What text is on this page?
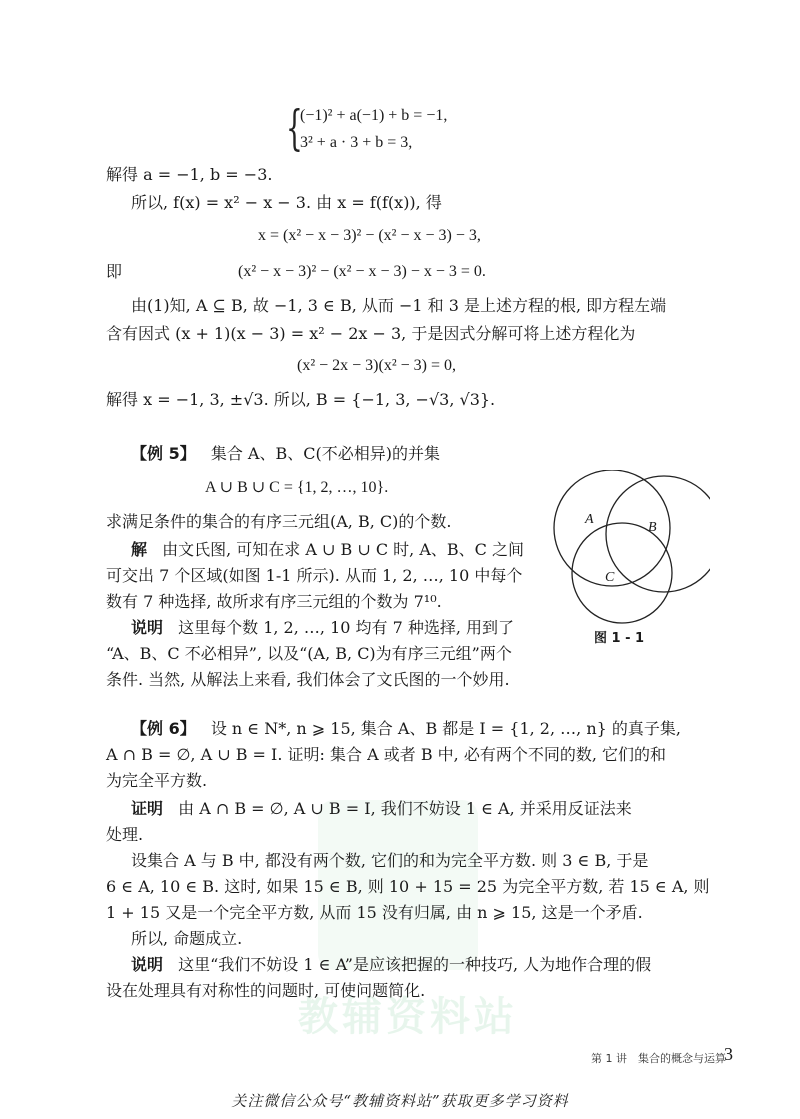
教辅资料站
{
(−1)² + a(−1) + b = −1,
3² + a · 3 + b = 3,
解得 a = −1, b = −3.
所以, f(x) = x² − x − 3. 由 x = f(f(x)), 得
x = (x² − x − 3)² − (x² − x − 3) − 3,
即	(x² − x − 3)² − (x² − x − 3) − x − 3 = 0.
由(1)知, A ⊆ B, 故 −1, 3 ∈ B, 从而 −1 和 3 是上述方程的根, 即方程左端
含有因式 (x + 1)(x − 3) = x² − 2x − 3, 于是因式分解可将上述方程化为
(x² − 2x − 3)(x² − 3) = 0,
解得 x = −1, 3, ±√3. 所以, B = {−1, 3, −√3, √3}.
【例 5】 集合 A、B、C(不必相异)的并集
A ∪ B ∪ C = {1, 2, …, 10}.
求满足条件的集合的有序三元组(A, B, C)的个数.
解 由文氏图, 可知在求 A ∪ B ∪ C 时, A、B、C 之间
可交出 7 个区域(如图 1-1 所示). 从而 1, 2, …, 10 中每个
数有 7 种选择, 故所求有序三元组的个数为 7¹⁰.
说明 这里每个数 1, 2, …, 10 均有 7 种选择, 用到了
“A、B、C 不必相异”, 以及“(A, B, C)为有序三元组”两个
条件. 当然, 从解法上来看, 我们体会了文氏图的一个妙用.
A
B
C
图 1 - 1
【例 6】 设 n ∈ N*, n ⩾ 15, 集合 A、B 都是 I = {1, 2, …, n} 的真子集,
A ∩ B = ∅, A ∪ B = I. 证明: 集合 A 或者 B 中, 必有两个不同的数, 它们的和
为完全平方数.
证明 由 A ∩ B = ∅, A ∪ B = I, 我们不妨设 1 ∈ A, 并采用反证法来
处理.
设集合 A 与 B 中, 都没有两个数, 它们的和为完全平方数. 则 3 ∈ B, 于是
6 ∈ A, 10 ∈ B. 这时, 如果 15 ∈ B, 则 10 + 15 = 25 为完全平方数, 若 15 ∈ A, 则
1 + 15 又是一个完全平方数, 从而 15 没有归属, 由 n ⩾ 15, 这是一个矛盾.
所以, 命题成立.
说明 这里“我们不妨设 1 ∈ A”是应该把握的一种技巧, 人为地作合理的假
设在处理具有对称性的问题时, 可使问题简化.
第 1 讲　集合的概念与运算
3
关注微信公众号“教辅资料站”获取更多学习资料
